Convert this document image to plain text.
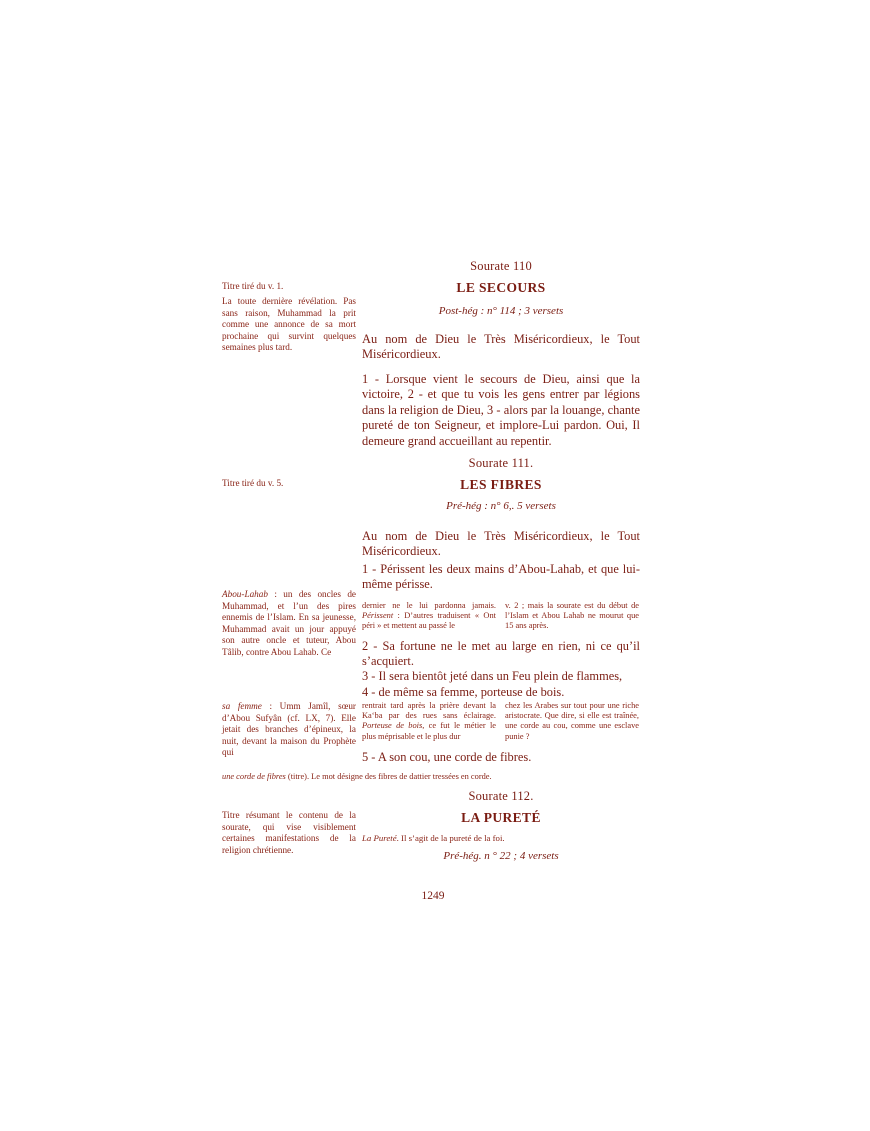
Sourate 110
LE SECOURS
Post-hég : n° 114 ; 3 versets
Titre tiré du v. 1.
La toute dernière révélation. Pas sans raison, Muhammad la prit comme une annonce de sa mort prochaine qui survint quelques semaines plus tard.
Au nom de Dieu le Très Miséricordieux, le Tout Miséricordieux.
1 - Lorsque vient le secours de Dieu, ainsi que la victoire, 2 - et que tu vois les gens entrer par légions dans la religion de Dieu, 3 - alors par la louange, chante pureté de ton Seigneur, et implore-Lui pardon. Oui, Il demeure grand accueillant au repentir.
Sourate 111.
LES FIBRES
Pré-hég : n° 6,. 5 versets
Titre tiré du v. 5.
Au nom de Dieu le Très Miséricordieux, le Tout Miséricordieux.
1 - Périssent les deux mains d’Abou-Lahab, et que lui-même périsse.
Abou-Lahab : un des oncles de Muhammad, et l’un des pires ennemis de l’Islam. En sa jeunesse, Muhammad avait un jour appuyé son autre oncle et tuteur, Abou Tâlib, contre Abou Lahab. Ce
dernier ne le lui pardonna jamais. Périssent : D’autres traduisent « Ont péri » et mettent au passé le
v. 2 ; mais la sourate est du début de l’Islam et Abou Lahab ne mourut que 15 ans après.
2 - Sa fortune ne le met au large en rien, ni ce qu’il s’acquiert.
3 - Il sera bientôt jeté dans un Feu plein de flammes,
4 - de même sa femme, porteuse de bois.
sa femme : Umm Jamîl, sœur d’Abou Sufyân (cf. LX, 7). Elle jetait des branches d’épineux, la nuit, devant la maison du Prophète qui
rentrait tard après la prière devant la Ka‘ba par des rues sans éclairage. Porteuse de bois, ce fut le métier le plus méprisable et le plus dur
chez les Arabes sur tout pour une riche aristocrate. Que dire, si elle est traînée, une corde au cou, comme une esclave punie ?
5 - A son cou, une corde de fibres.
une corde de fibres (titre). Le mot désigne des fibres de dattier tressées en corde.
Sourate 112.
LA PURETÉ
Titre résumant le contenu de la sourate, qui vise visiblement certaines manifestations de la religion chrétienne.
La Pureté. Il s’agit de la pureté de la foi.
Pré-hég. n ° 22 ; 4 versets
1249
